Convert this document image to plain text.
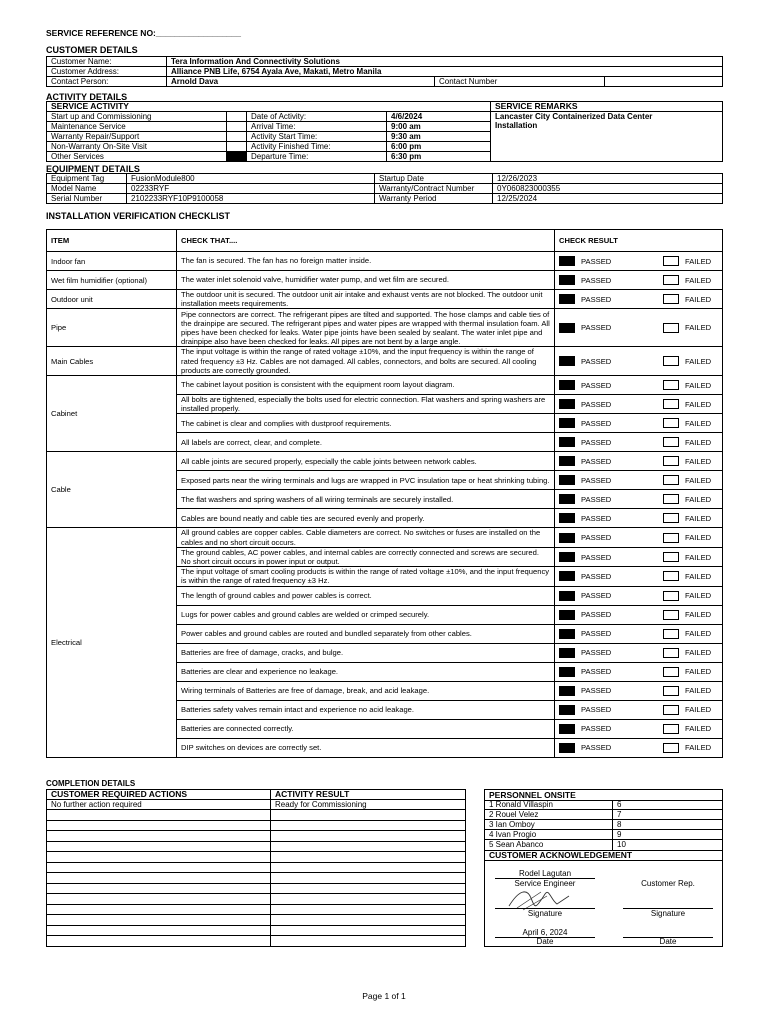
SERVICE REFERENCE NO:__________________
CUSTOMER DETAILS
Customer Name:	Tera Information And Connectivity Solutions		
Customer Address:	Alliance PNB Life, 6754 Ayala Ave, Makati, Metro Manila		
Contact Person:	Arnold Dava	Contact Number	
ACTIVITY DETAILS
SERVICE ACTIVITY				SERVICE REMARKS
Start up and Commissioning		Date of Activity:	4/6/2024	Lancaster City Containerized Data Center
Installation

Maintenance Service		Arrival Time:	9:00 am	
Warranty Repair/Support		Activity Start Time:	9:30 am	
Non-Warranty On-Site Visit		Activity Finished Time:	6:00 pm	
Other Services		Departure Time:	6:30 pm	
EQUIPMENT DETAILS
Equipment Tag	FusionModule800	Startup Date	12/26/2023
Model Name	02233RYF	Warranty/Contract Number	0Y060823000355
Serial Number	2102233RYF10P9100058	Warranty Period	12/25/2024
INSTALLATION VERIFICATION CHECKLIST
ITEM	CHECK THAT....	CHECK RESULT
Indoor fan	The fan is secured. The fan has no foreign matter inside.	PASSED FAILED

Wet film humidifier (optional)	The water inlet solenoid valve, humidifier water pump, and wet film are secured.	PASSED FAILED

Outdoor unit	The outdoor unit is secured. The outdoor unit air intake and exhaust vents are not blocked. The outdoor unit installation meets requirements.	PASSED FAILED

Pipe	Pipe connectors are correct. The refrigerant pipes are tilted and supported. The hose clamps and cable ties of the drainpipe are secured. The refrigerant pipes and water pipes are wrapped with thermal insulation foam. All pipes have been checked for leaks. Water pipe joints have been sealed by sealant. The water inlet pipe and drainpipe also have been checked for leaks. All pipes are not bent by a large angle.	PASSED FAILED

Main Cables	The input voltage is within the range of rated voltage ±10%, and the input frequency is within the range of rated frequency ±3 Hz. Cables are not damaged. All cables, connectors, and bolts are secured. All cooling products are correctly grounded.	PASSED FAILED

Cabinet	The cabinet layout position is consistent with the equipment room layout diagram.	PASSED FAILED

	All bolts are tightened, especially the bolts used for electric connection. Flat washers and spring washers are installed properly.	PASSED FAILED

	The cabinet is clear and complies with dustproof requirements.	PASSED FAILED

	All labels are correct, clear, and complete.	PASSED FAILED

Cable	All cable joints are secured properly, especially the cable joints between network cables.	PASSED FAILED

	Exposed parts near the wiring terminals and lugs are wrapped in PVC insulation tape or heat shrinking tubing.	PASSED FAILED

	The flat washers and spring washers of all wiring terminals are securely installed.	PASSED FAILED

	Cables are bound neatly and cable ties are secured evenly and properly.	PASSED FAILED

Electrical	All ground cables are copper cables. Cable diameters are correct. No switches or fuses are installed on the cables and no short circuit occurs.	PASSED FAILED

	The ground cables, AC power cables, and internal cables are correctly connected and screws are secured. No short circuit occurs in power input or output.	PASSED FAILED

	The input voltage of smart cooling products is within the range of rated voltage ±10%, and the input frequency is within the range of rated frequency ±3 Hz.	PASSED FAILED

	The length of ground cables and power cables is correct.	PASSED FAILED

	Lugs for power cables and ground cables are welded or crimped securely.	PASSED FAILED

	Power cables and ground cables are routed and bundled separately from other cables.	PASSED FAILED

	Batteries are free of damage, cracks, and bulge.	PASSED FAILED

	Batteries are clear and experience no leakage.	PASSED FAILED

	Wiring terminals of Batteries are free of damage, break, and acid leakage.	PASSED FAILED

	Batteries safety valves remain intact and experience no acid leakage.	PASSED FAILED

	Batteries are connected correctly.	PASSED FAILED

	DIP switches on devices are correctly set.	PASSED FAILED
COMPLETION DETAILS
CUSTOMER REQUIRED ACTIONS	ACTIVITY RESULT
No further action required	Ready for Commissioning

PERSONNEL ONSITE
1 Ronald Villaspin	6
2 Rouel Velez	7
3 Ian Omboy	8
4 Ivan Progio	9
5 Sean Abanco	10
CUSTOMER ACKNOWLEDGEMENT
Rodel Lagutan
Service Engineer	Customer Rep.
Signature	Signature
April 6, 2024
Date	Date
Page 1 of 1
